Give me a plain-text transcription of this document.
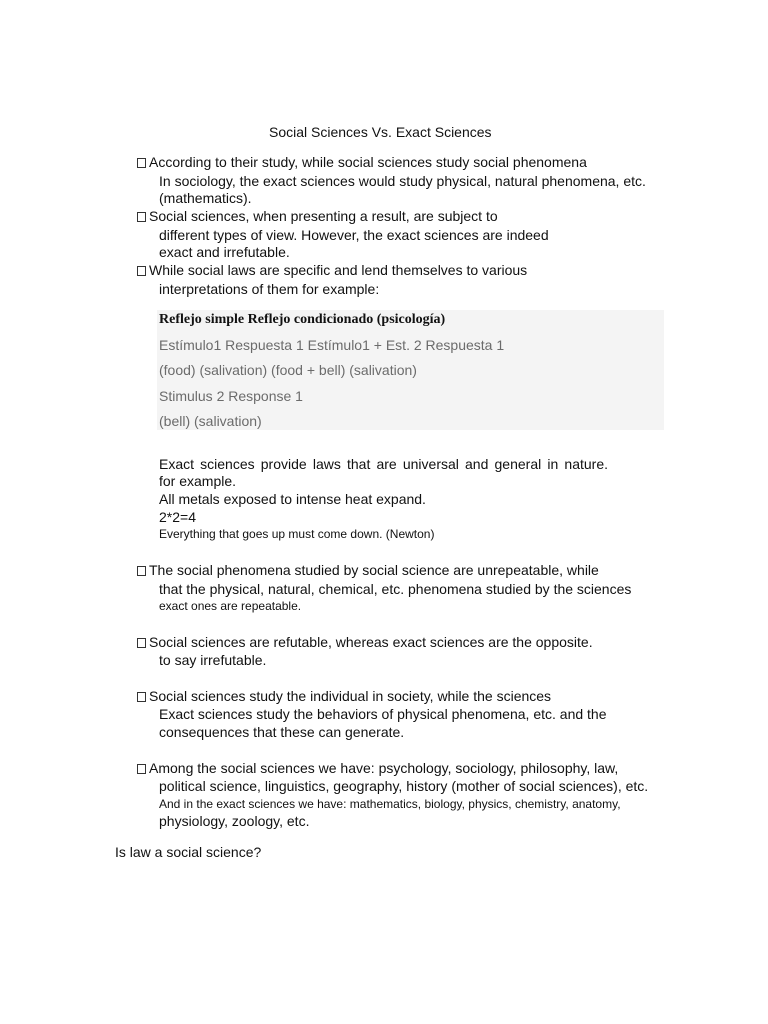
Social Sciences Vs. Exact Sciences
According to their study, while social sciences study social phenomena
In sociology, the exact sciences would study physical, natural phenomena, etc.
(mathematics).
Social sciences, when presenting a result, are subject to
different types of view. However, the exact sciences are indeed
exact and irrefutable.
While social laws are specific and lend themselves to various
interpretations of them for example:
Reflejo simple Reflejo condicionado (psicología)
Estímulo1 Respuesta 1 Estímulo1 + Est. 2 Respuesta 1
(food) (salivation) (food + bell) (salivation)
Stimulus 2 Response 1
(bell) (salivation)
Exact sciences provide laws that are universal and general in nature.
for example.
All metals exposed to intense heat expand.
2*2=4
Everything that goes up must come down. (Newton)
The social phenomena studied by social science are unrepeatable, while
that the physical, natural, chemical, etc. phenomena studied by the sciences
exact ones are repeatable.
Social sciences are refutable, whereas exact sciences are the opposite.
to say irrefutable.
Social sciences study the individual in society, while the sciences
Exact sciences study the behaviors of physical phenomena, etc. and the
consequences that these can generate.
Among the social sciences we have: psychology, sociology, philosophy, law,
political science, linguistics, geography, history (mother of social sciences), etc.
And in the exact sciences we have: mathematics, biology, physics, chemistry, anatomy,
physiology, zoology, etc.
Is law a social science?
